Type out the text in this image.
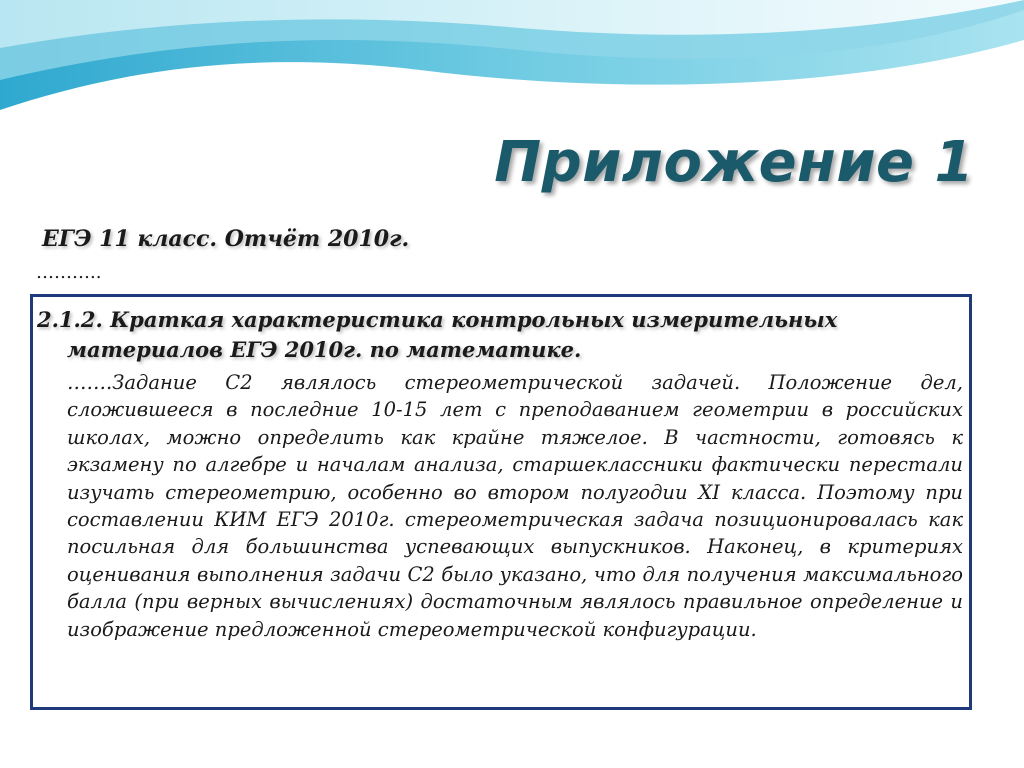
Приложение 1
ЕГЭ 11 класс. Отчёт 2010г.
………..
2.1.2. Краткая характеристика контрольных измерительных материалов ЕГЭ 2010г. по математике.

…….Задание С2 являлось стереометрической задачей. Положение дел, сложившееся в последние 10-15 лет с преподаванием геометрии в российских школах, можно определить как крайне тяжелое. В частности, готовясь к экзамену по алгебре и началам анализа, старшеклассники фактически перестали изучать стереометрию, особенно во втором полугодии XI класса. Поэтому при составлении КИМ ЕГЭ 2010г. стереометрическая задача позиционировалась как посильная для большинства успевающих выпускников. Наконец, в критериях оценивания выполнения задачи С2 было указано, что для получения максимального балла (при верных вычислениях) достаточным являлось правильное определение и изображение предложенной стереометрической конфигурации.
